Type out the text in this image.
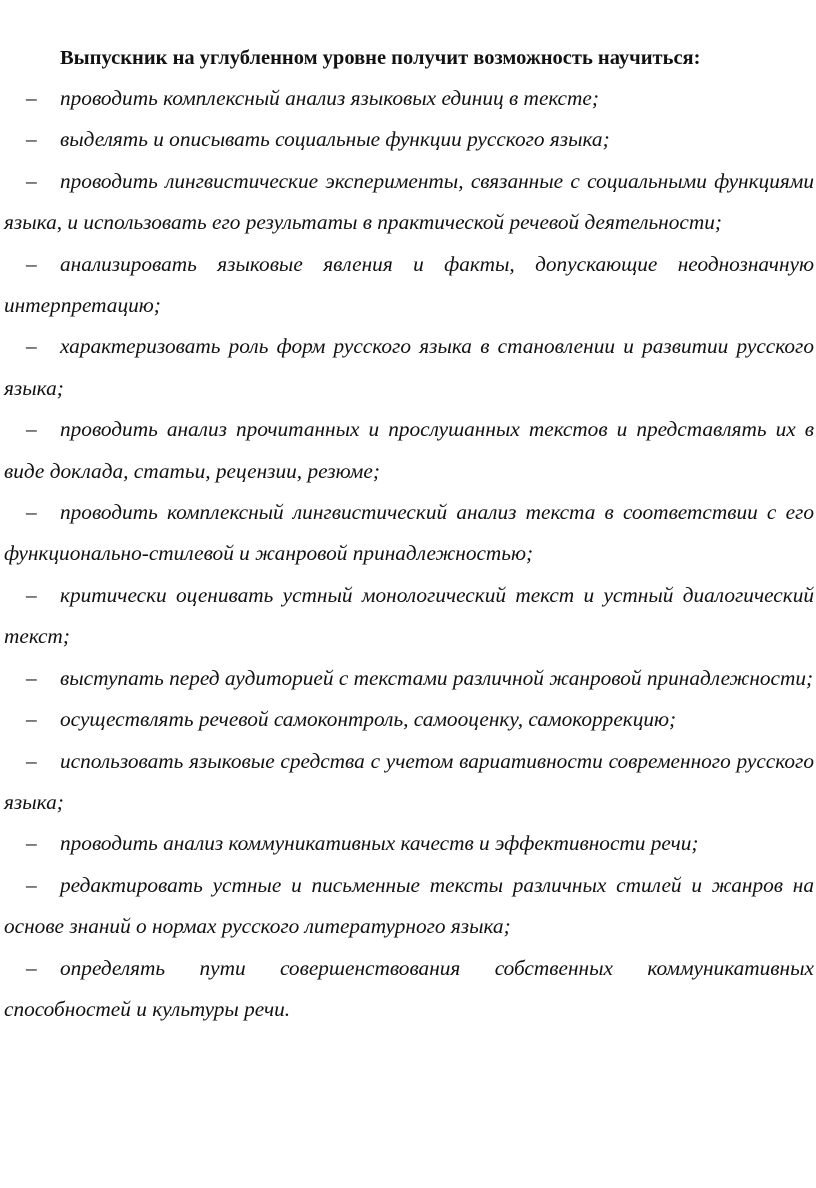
Выпускник на углубленном уровне получит возможность научиться:

– проводить комплексный анализ языковых единиц в тексте;
– выделять и описывать социальные функции русского языка;
– проводить лингвистические эксперименты, связанные с социальными функциями языка, и использовать его результаты в практической речевой деятельности;
– анализировать языковые явления и факты, допускающие неоднозначную интерпретацию;
– характеризовать роль форм русского языка в становлении и развитии русского языка;
– проводить анализ прочитанных и прослушанных текстов и представлять их в виде доклада, статьи, рецензии, резюме;
– проводить комплексный лингвистический анализ текста в соответствии с его функционально-стилевой и жанровой принадлежностью;
– критически оценивать устный монологический текст и устный диалогический текст;
– выступать перед аудиторией с текстами различной жанровой принадлежности;
– осуществлять речевой самоконтроль, самооценку, самокоррекцию;
– использовать языковые средства с учетом вариативности современного русского языка;
– проводить анализ коммуникативных качеств и эффективности речи;
– редактировать устные и письменные тексты различных стилей и жанров на основе знаний о нормах русского литературного языка;
– определять пути совершенствования собственных коммуникативных способностей и культуры речи.
